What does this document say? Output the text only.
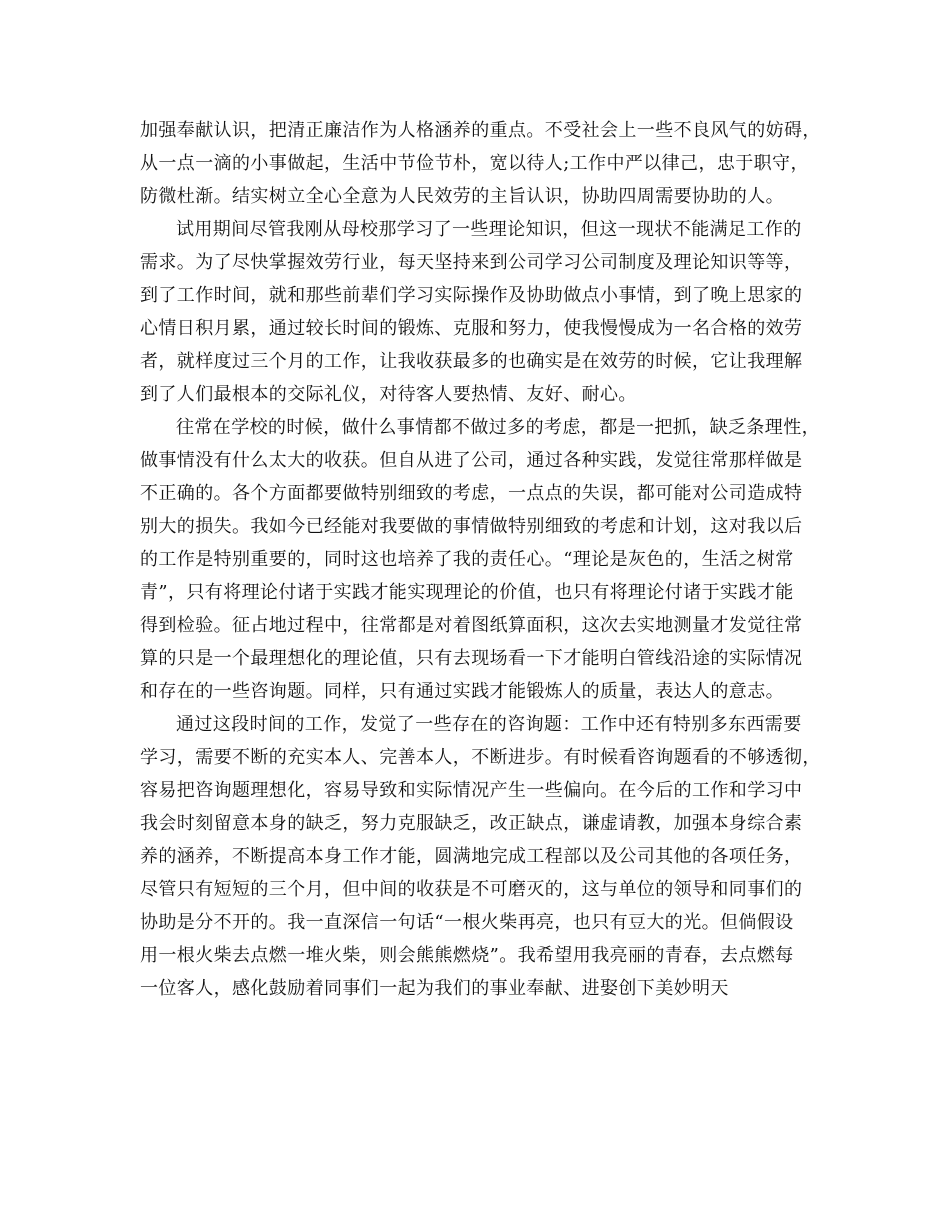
加强奉献认识，把清正廉洁作为人格涵养的重点。不受社会上一些不良风气的妨碍，
从一点一滴的小事做起，生活中节俭节朴，宽以待人;工作中严以律己，忠于职守，
防微杜渐。结实树立全心全意为人民效劳的主旨认识，协助四周需要协助的人。
试用期间尽管我刚从母校那学习了一些理论知识，但这一现状不能满足工作的
需求。为了尽快掌握效劳行业，每天坚持来到公司学习公司制度及理论知识等等，
到了工作时间，就和那些前辈们学习实际操作及协助做点小事情，到了晚上思家的
心情日积月累，通过较长时间的锻炼、克服和努力，使我慢慢成为一名合格的效劳
者，就样度过三个月的工作，让我收获最多的也确实是在效劳的时候，它让我理解
到了人们最根本的交际礼仪，对待客人要热情、友好、耐心。
往常在学校的时候，做什么事情都不做过多的考虑，都是一把抓，缺乏条理性，
做事情没有什么太大的收获。但自从进了公司，通过各种实践，发觉往常那样做是
不正确的。各个方面都要做特别细致的考虑，一点点的失误，都可能对公司造成特
别大的损失。我如今已经能对我要做的事情做特别细致的考虑和计划，这对我以后
的工作是特别重要的，同时这也培养了我的责任心。“理论是灰色的，生活之树常
青”，只有将理论付诸于实践才能实现理论的价值，也只有将理论付诸于实践才能
得到检验。征占地过程中，往常都是对着图纸算面积，这次去实地测量才发觉往常
算的只是一个最理想化的理论值，只有去现场看一下才能明白管线沿途的实际情况
和存在的一些咨询题。同样，只有通过实践才能锻炼人的质量，表达人的意志。
通过这段时间的工作，发觉了一些存在的咨询题：工作中还有特别多东西需要
学习，需要不断的充实本人、完善本人，不断进步。有时候看咨询题看的不够透彻，
容易把咨询题理想化，容易导致和实际情况产生一些偏向。在今后的工作和学习中
我会时刻留意本身的缺乏，努力克服缺乏，改正缺点，谦虚请教，加强本身综合素
养的涵养，不断提高本身工作才能，圆满地完成工程部以及公司其他的各项任务，
尽管只有短短的三个月，但中间的收获是不可磨灭的，这与单位的领导和同事们的
协助是分不开的。我一直深信一句话“一根火柴再亮，也只有豆大的光。但倘假设
用一根火柴去点燃一堆火柴，则会熊熊燃烧”。我希望用我亮丽的青春，去点燃每
一位客人，感化鼓励着同事们一起为我们的事业奉献、进娶创下美妙明天
